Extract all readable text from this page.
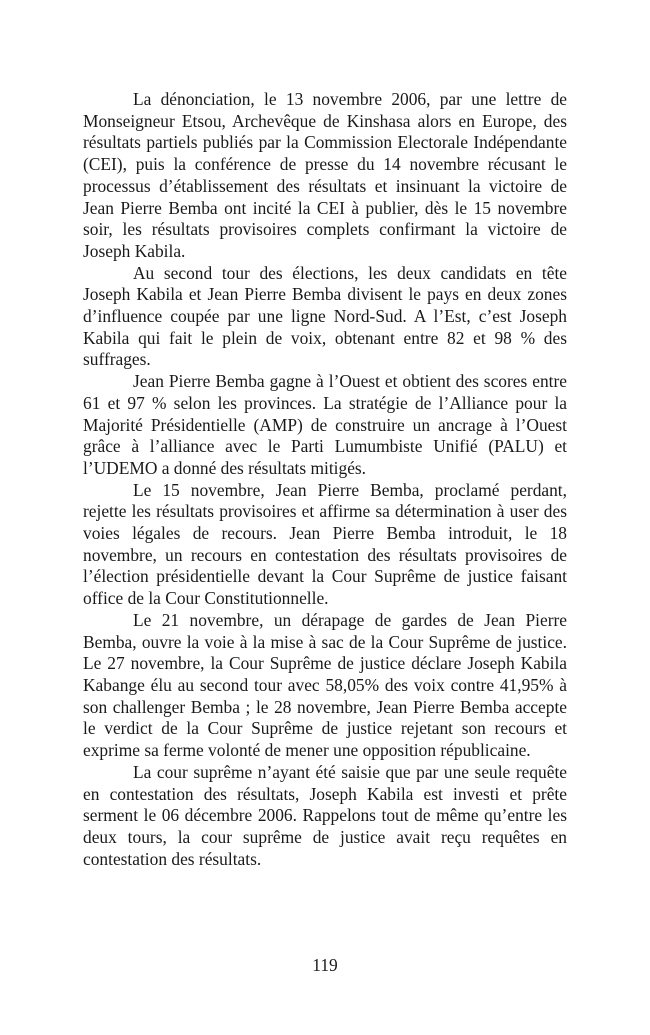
La dénonciation, le 13 novembre 2006, par une lettre de Monseigneur Etsou, Archevêque de Kinshasa alors en Europe, des résultats partiels publiés par la Commission Electorale Indépendante (CEI), puis la conférence de presse du 14 novembre récusant le processus d’établissement des résultats et insinuant la victoire de Jean Pierre Bemba ont incité la CEI à publier, dès le 15 novembre soir, les résultats provisoires complets confirmant la victoire de Joseph Kabila.

Au second tour des élections, les deux candidats en tête Joseph Kabila et Jean Pierre Bemba divisent le pays en deux zones d’influence coupée par une ligne Nord-Sud. A l’Est, c’est Joseph Kabila qui fait le plein de voix, obtenant entre 82 et 98 % des suffrages.

Jean Pierre Bemba gagne à l’Ouest et obtient des scores entre 61 et 97 % selon les provinces. La stratégie de l’Alliance pour la Majorité Présidentielle (AMP) de construire un ancrage à l’Ouest grâce à l’alliance avec le Parti Lumumbiste Unifié (PALU) et l’UDEMO a donné des résultats mitigés.

Le 15 novembre, Jean Pierre Bemba, proclamé perdant, rejette les résultats provisoires et affirme sa détermination à user des voies légales de recours. Jean Pierre Bemba introduit, le 18 novembre, un recours en contestation des résultats provisoires de l’élection présidentielle devant la Cour Suprême de justice faisant office de la Cour Constitutionnelle.

Le 21 novembre, un dérapage de gardes de Jean Pierre Bemba, ouvre la voie à la mise à sac de la Cour Suprême de justice. Le 27 novembre, la Cour Suprême de justice déclare Joseph Kabila Kabange élu au second tour avec 58,05% des voix contre 41,95% à son challenger Bemba ; le 28 novembre, Jean Pierre Bemba accepte le verdict de la Cour Suprême de justice rejetant son recours et exprime sa ferme volonté de mener une opposition républicaine.

La cour suprême n’ayant été saisie que par une seule requête en contestation des résultats, Joseph Kabila est investi et prête serment le 06 décembre 2006. Rappelons tout de même qu’entre les deux tours, la cour suprême de justice avait reçu requêtes en contestation des résultats.

119
